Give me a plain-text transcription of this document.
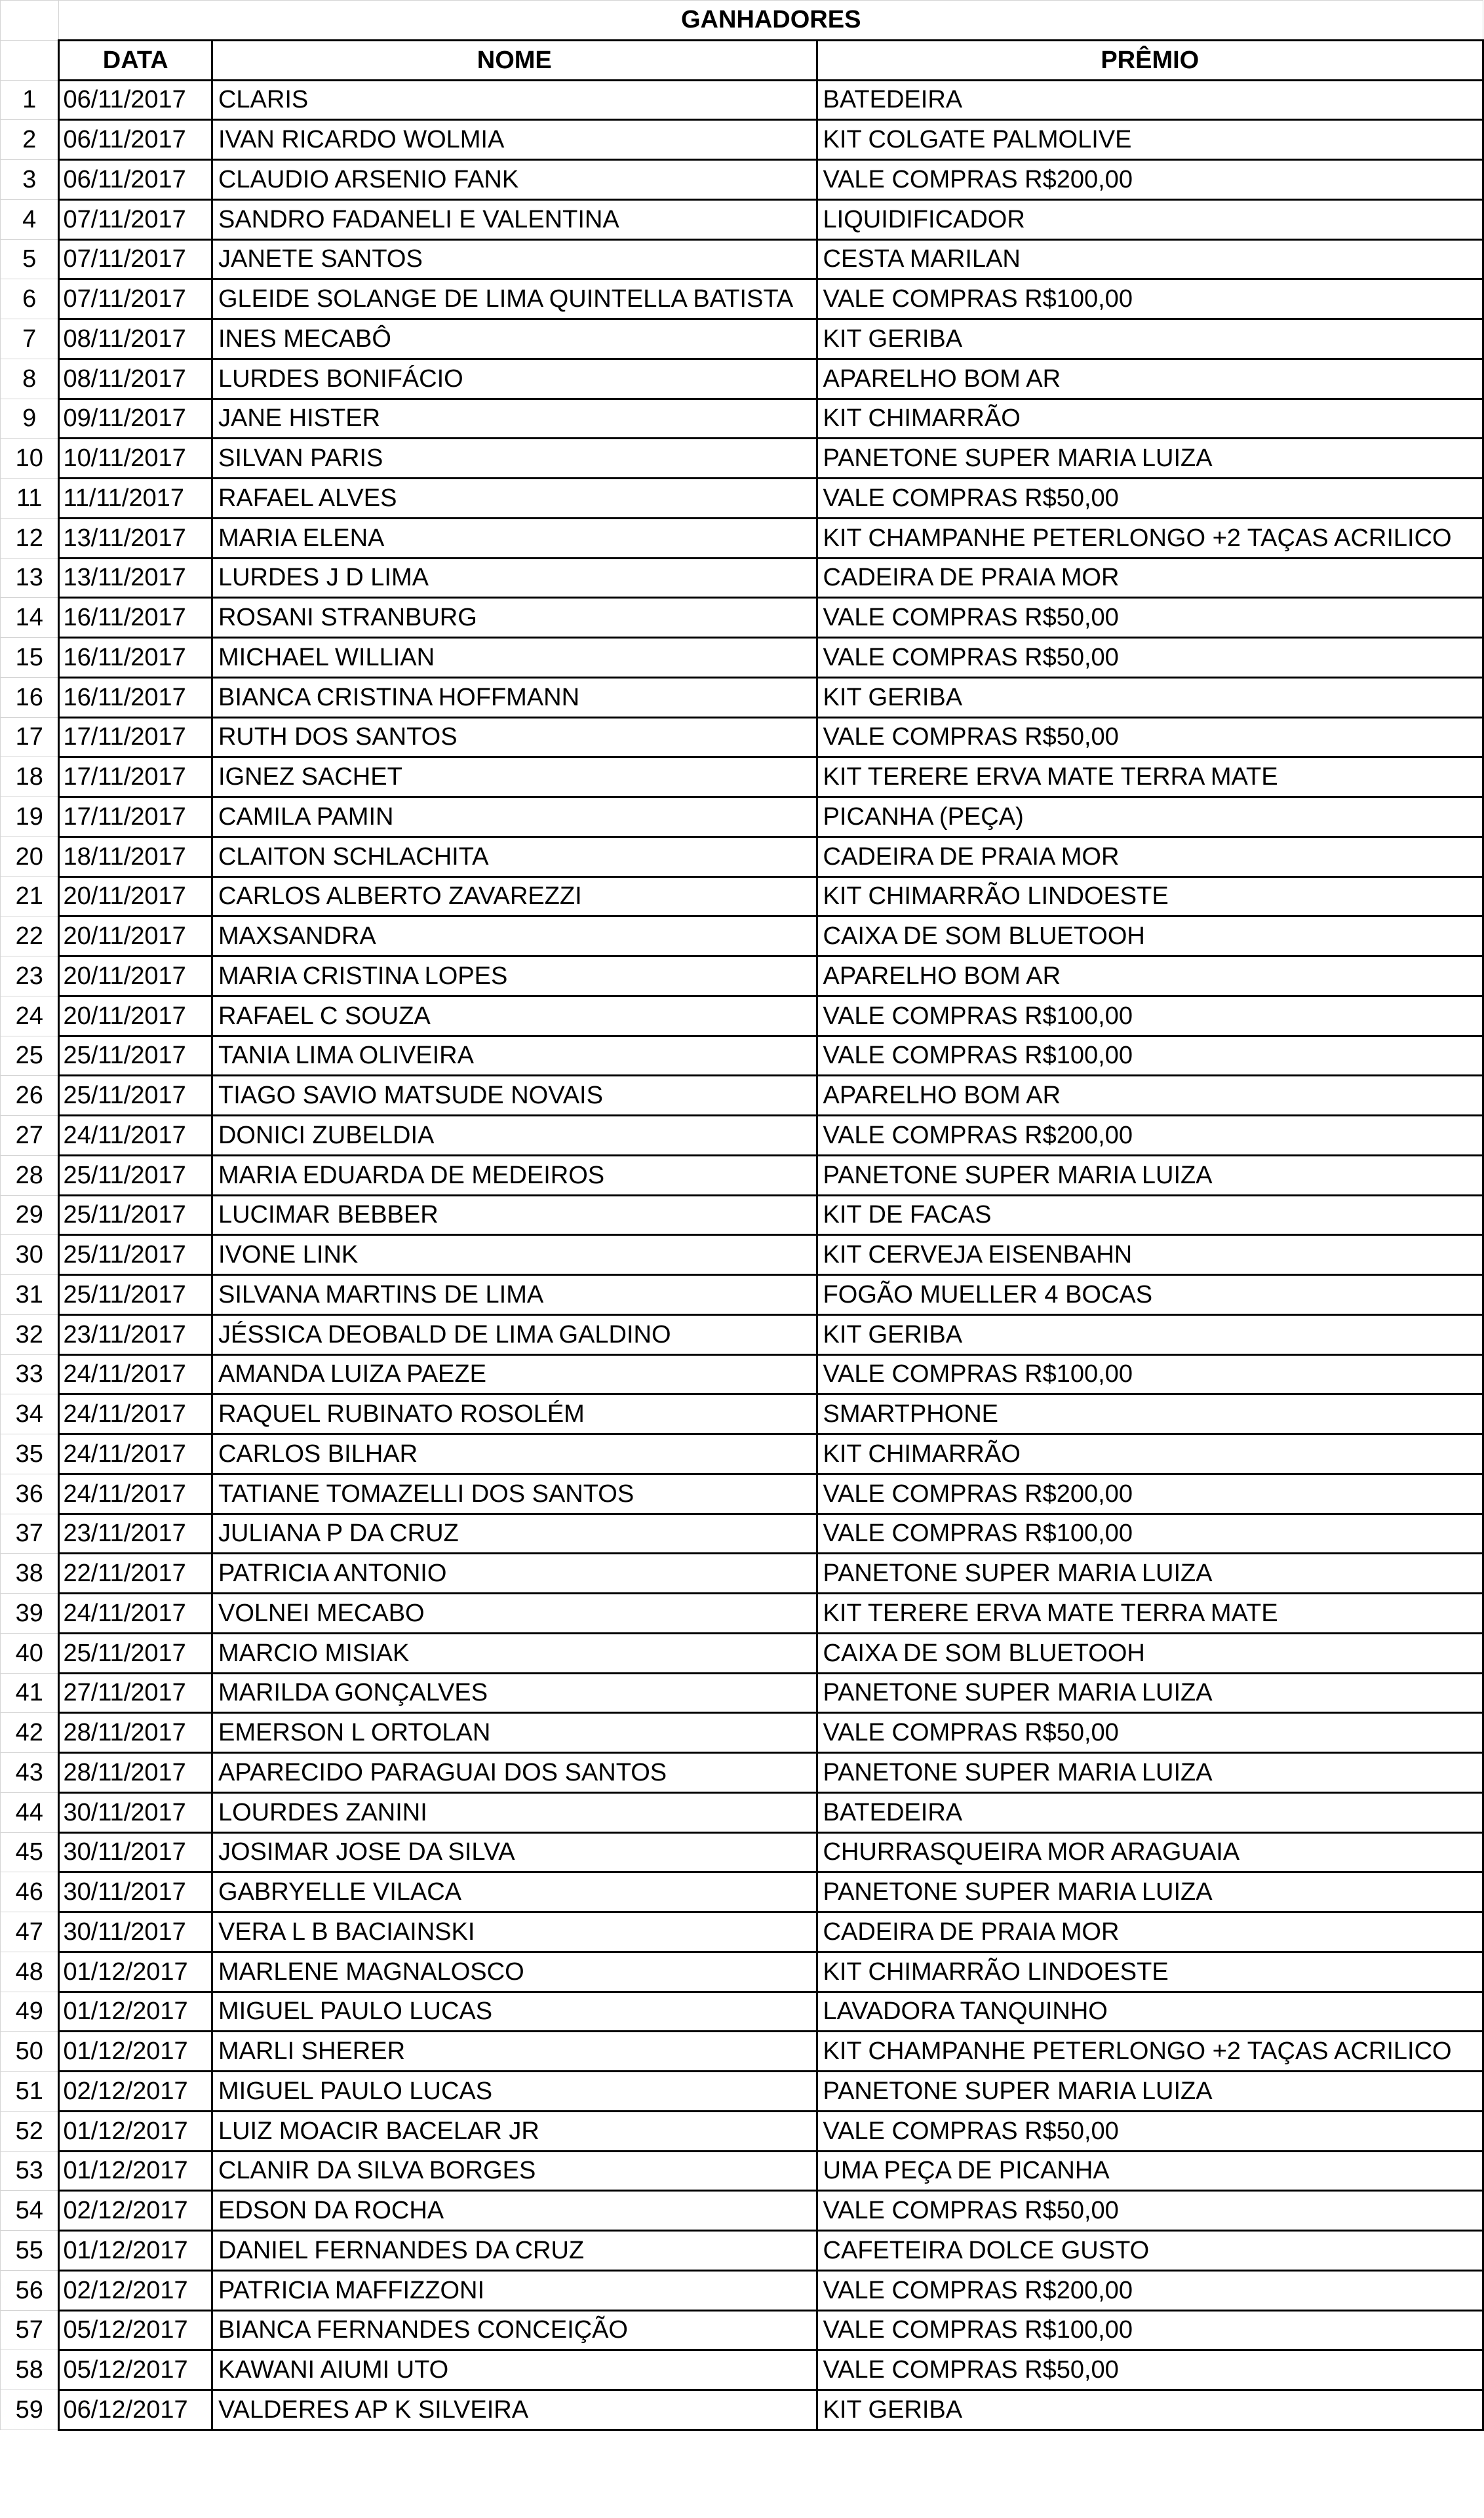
	GANHADORES		
	DATA	NOME	PRÊMIO
1	06/11/2017	CLARIS	BATEDEIRA
2	06/11/2017	IVAN RICARDO WOLMIA	KIT COLGATE PALMOLIVE
3	06/11/2017	CLAUDIO ARSENIO FANK	VALE COMPRAS R$200,00
4	07/11/2017	SANDRO FADANELI E VALENTINA	LIQUIDIFICADOR
5	07/11/2017	JANETE SANTOS	CESTA MARILAN
6	07/11/2017	GLEIDE SOLANGE DE LIMA QUINTELLA BATISTA	VALE COMPRAS R$100,00
7	08/11/2017	INES MECABÔ	KIT GERIBA
8	08/11/2017	LURDES BONIFÁCIO	APARELHO BOM AR
9	09/11/2017	JANE HISTER	KIT CHIMARRÃO
10	10/11/2017	SILVAN PARIS	PANETONE SUPER MARIA LUIZA
11	11/11/2017	RAFAEL ALVES	VALE COMPRAS R$50,00
12	13/11/2017	MARIA ELENA	KIT CHAMPANHE PETERLONGO +2 TAÇAS ACRILICO
13	13/11/2017	LURDES J D LIMA	CADEIRA DE PRAIA MOR
14	16/11/2017	ROSANI STRANBURG	VALE COMPRAS R$50,00
15	16/11/2017	MICHAEL WILLIAN	VALE COMPRAS R$50,00
16	16/11/2017	BIANCA CRISTINA HOFFMANN	KIT GERIBA
17	17/11/2017	RUTH DOS SANTOS	VALE COMPRAS R$50,00
18	17/11/2017	IGNEZ SACHET	KIT TERERE ERVA MATE TERRA MATE
19	17/11/2017	CAMILA PAMIN	PICANHA (PEÇA)
20	18/11/2017	CLAITON SCHLACHITA	CADEIRA DE PRAIA MOR
21	20/11/2017	CARLOS ALBERTO ZAVAREZZI	KIT CHIMARRÃO LINDOESTE
22	20/11/2017	MAXSANDRA	CAIXA DE SOM BLUETOOH
23	20/11/2017	MARIA CRISTINA LOPES	APARELHO BOM AR
24	20/11/2017	RAFAEL C SOUZA	VALE COMPRAS R$100,00
25	25/11/2017	TANIA LIMA OLIVEIRA	VALE COMPRAS R$100,00
26	25/11/2017	TIAGO SAVIO MATSUDE NOVAIS	APARELHO BOM AR
27	24/11/2017	DONICI ZUBELDIA	VALE COMPRAS R$200,00
28	25/11/2017	MARIA EDUARDA DE MEDEIROS	PANETONE SUPER MARIA LUIZA
29	25/11/2017	LUCIMAR BEBBER	KIT DE FACAS
30	25/11/2017	IVONE LINK	KIT CERVEJA EISENBAHN
31	25/11/2017	SILVANA MARTINS DE LIMA	FOGÃO MUELLER 4 BOCAS
32	23/11/2017	JÉSSICA DEOBALD DE LIMA GALDINO	KIT GERIBA
33	24/11/2017	AMANDA LUIZA PAEZE	VALE COMPRAS R$100,00
34	24/11/2017	RAQUEL RUBINATO ROSOLÉM	SMARTPHONE
35	24/11/2017	CARLOS BILHAR	KIT CHIMARRÃO
36	24/11/2017	TATIANE TOMAZELLI DOS SANTOS	VALE COMPRAS R$200,00
37	23/11/2017	JULIANA P DA CRUZ	VALE COMPRAS R$100,00
38	22/11/2017	PATRICIA ANTONIO	PANETONE SUPER MARIA LUIZA
39	24/11/2017	VOLNEI MECABO	KIT TERERE ERVA MATE TERRA MATE
40	25/11/2017	MARCIO MISIAK	CAIXA DE SOM BLUETOOH
41	27/11/2017	MARILDA GONÇALVES	PANETONE SUPER MARIA LUIZA
42	28/11/2017	EMERSON L ORTOLAN	VALE COMPRAS R$50,00
43	28/11/2017	APARECIDO PARAGUAI DOS SANTOS	PANETONE SUPER MARIA LUIZA
44	30/11/2017	LOURDES ZANINI	BATEDEIRA
45	30/11/2017	JOSIMAR JOSE DA SILVA	CHURRASQUEIRA MOR ARAGUAIA
46	30/11/2017	GABRYELLE VILACA	PANETONE SUPER MARIA LUIZA
47	30/11/2017	VERA L B BACIAINSKI	CADEIRA DE PRAIA MOR
48	01/12/2017	MARLENE MAGNALOSCO	KIT CHIMARRÃO LINDOESTE
49	01/12/2017	MIGUEL PAULO LUCAS	LAVADORA TANQUINHO
50	01/12/2017	MARLI SHERER	KIT CHAMPANHE PETERLONGO +2 TAÇAS ACRILICO
51	02/12/2017	MIGUEL PAULO LUCAS	PANETONE SUPER MARIA LUIZA
52	01/12/2017	LUIZ MOACIR BACELAR JR	VALE COMPRAS R$50,00
53	01/12/2017	CLANIR DA SILVA BORGES	UMA PEÇA DE PICANHA
54	02/12/2017	EDSON DA ROCHA	VALE COMPRAS R$50,00
55	01/12/2017	DANIEL FERNANDES DA CRUZ	CAFETEIRA DOLCE GUSTO
56	02/12/2017	PATRICIA MAFFIZZONI	VALE COMPRAS R$200,00
57	05/12/2017	BIANCA FERNANDES CONCEIÇÃO	VALE COMPRAS R$100,00
58	05/12/2017	KAWANI AIUMI UTO	VALE COMPRAS R$50,00
59	06/12/2017	VALDERES AP K SILVEIRA	KIT GERIBA
